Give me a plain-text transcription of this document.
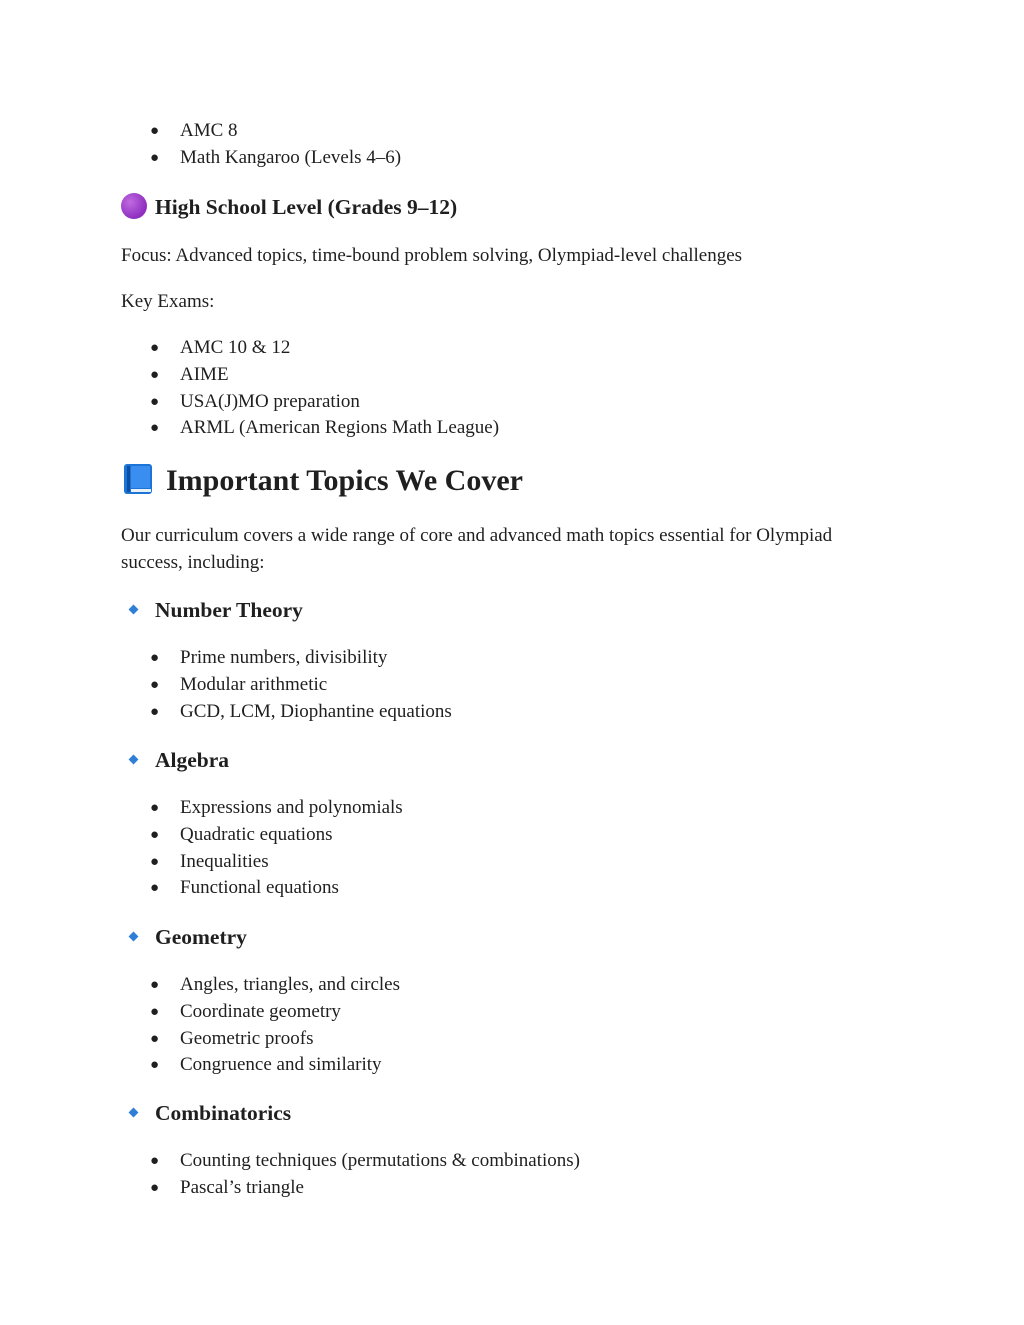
● AMC 8
● Math Kangaroo (Levels 4–6)
High School Level (Grades 9–12)
Focus: Advanced topics, time-bound problem solving, Olympiad-level challenges
Key Exams:
● AMC 10 & 12
● AIME
● USA(J)MO preparation
● ARML (American Regions Math League)
Important Topics We Cover
Our curriculum covers a wide range of core and advanced math topics essential for Olympiad
success, including:
Number Theory
● Prime numbers, divisibility
● Modular arithmetic
● GCD, LCM, Diophantine equations
Algebra
● Expressions and polynomials
● Quadratic equations
● Inequalities
● Functional equations
Geometry
● Angles, triangles, and circles
● Coordinate geometry
● Geometric proofs
● Congruence and similarity
Combinatorics
● Counting techniques (permutations & combinations)
● Pascal’s triangle
